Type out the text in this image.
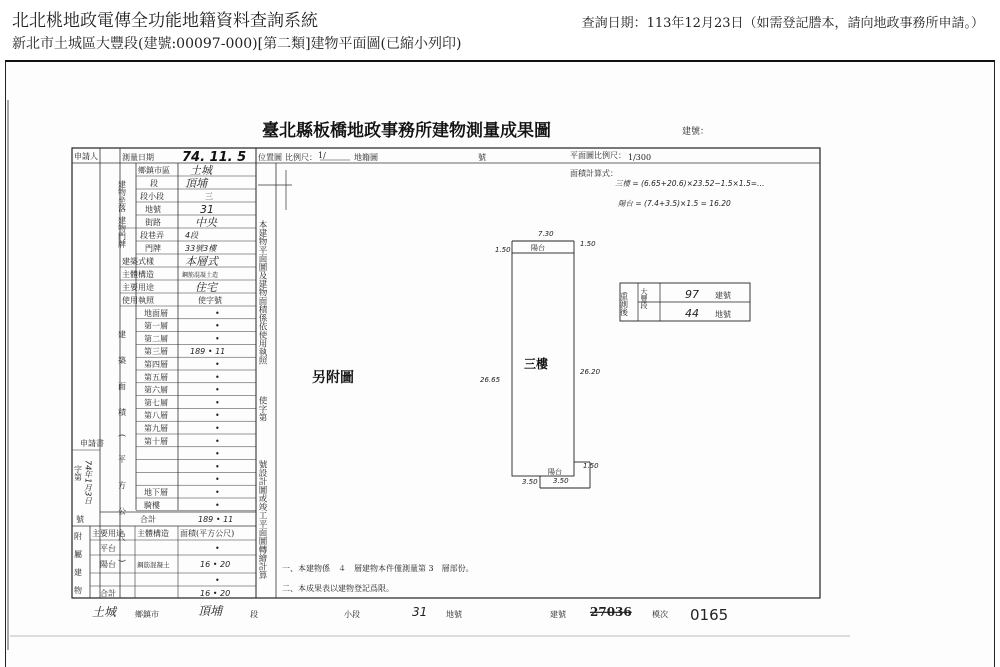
北北桃地政電傳全功能地籍資料查詢系統
新北市土城區大豐段(建號:00097-000)[第二類]建物平面圖(已縮小列印)
查詢日期：113年12月23日（如需登記謄本，請向地政事務所申請。）
臺北縣板橋地政事務所建物測量成果圖	建號：
申請人	測量日期 74. 11. 5
鄉鎮市區 土城
段 頂埔
段小段	三
地號	31
建物坐落
街路	中央
段巷弄	4段
門牌	33號3樓
建物門牌
建築式樣	本層式
主體構造	鋼筋混凝土造
主要用途	住宅
使用執照	使字號
建築面積(平方公尺)
地面層	•
第一層	•
第二層	•
第三層	189 • 11
第四層	•
第五層	•
第六層	•
第七層	•
第八層	•
第九層	•
第十層	•
•
•
•
地下層	•
騎樓	•
合計	189 • 11
申請書
74年1月3日
字第
號
附屬建物 主要用途 主體構造 面積(平方公尺)
平台	•
陽台	鋼筋混凝土	16 • 20
•
合計	16 • 20
本建物平面圖及建物面積係依使用執照
使字第
號設計圖或竣工平面圖轉繪計算
位置圖 比例尺： 1/	地籍圖	號	平面圖比例尺： 1/300
面積計算式：
三樓 = (6.65+20.6)×23.52−1.5×1.5=…
陽台 = (7.4+3.5)×1.5 = 16.20
陽台
陽台
7.30
1.50
1.50
26.65
26.20
3.50 3.50
1.50
三樓
另附圖
重測後 大豐段	97 建號
44 地號
一、本建物係　４　層建物本件僅測量第 3　層部份。
二、本成果表以建物登記爲限。
土城 鄉鎮市	頂埔	段	小段	31 地號	建號 27036	模次 0165
